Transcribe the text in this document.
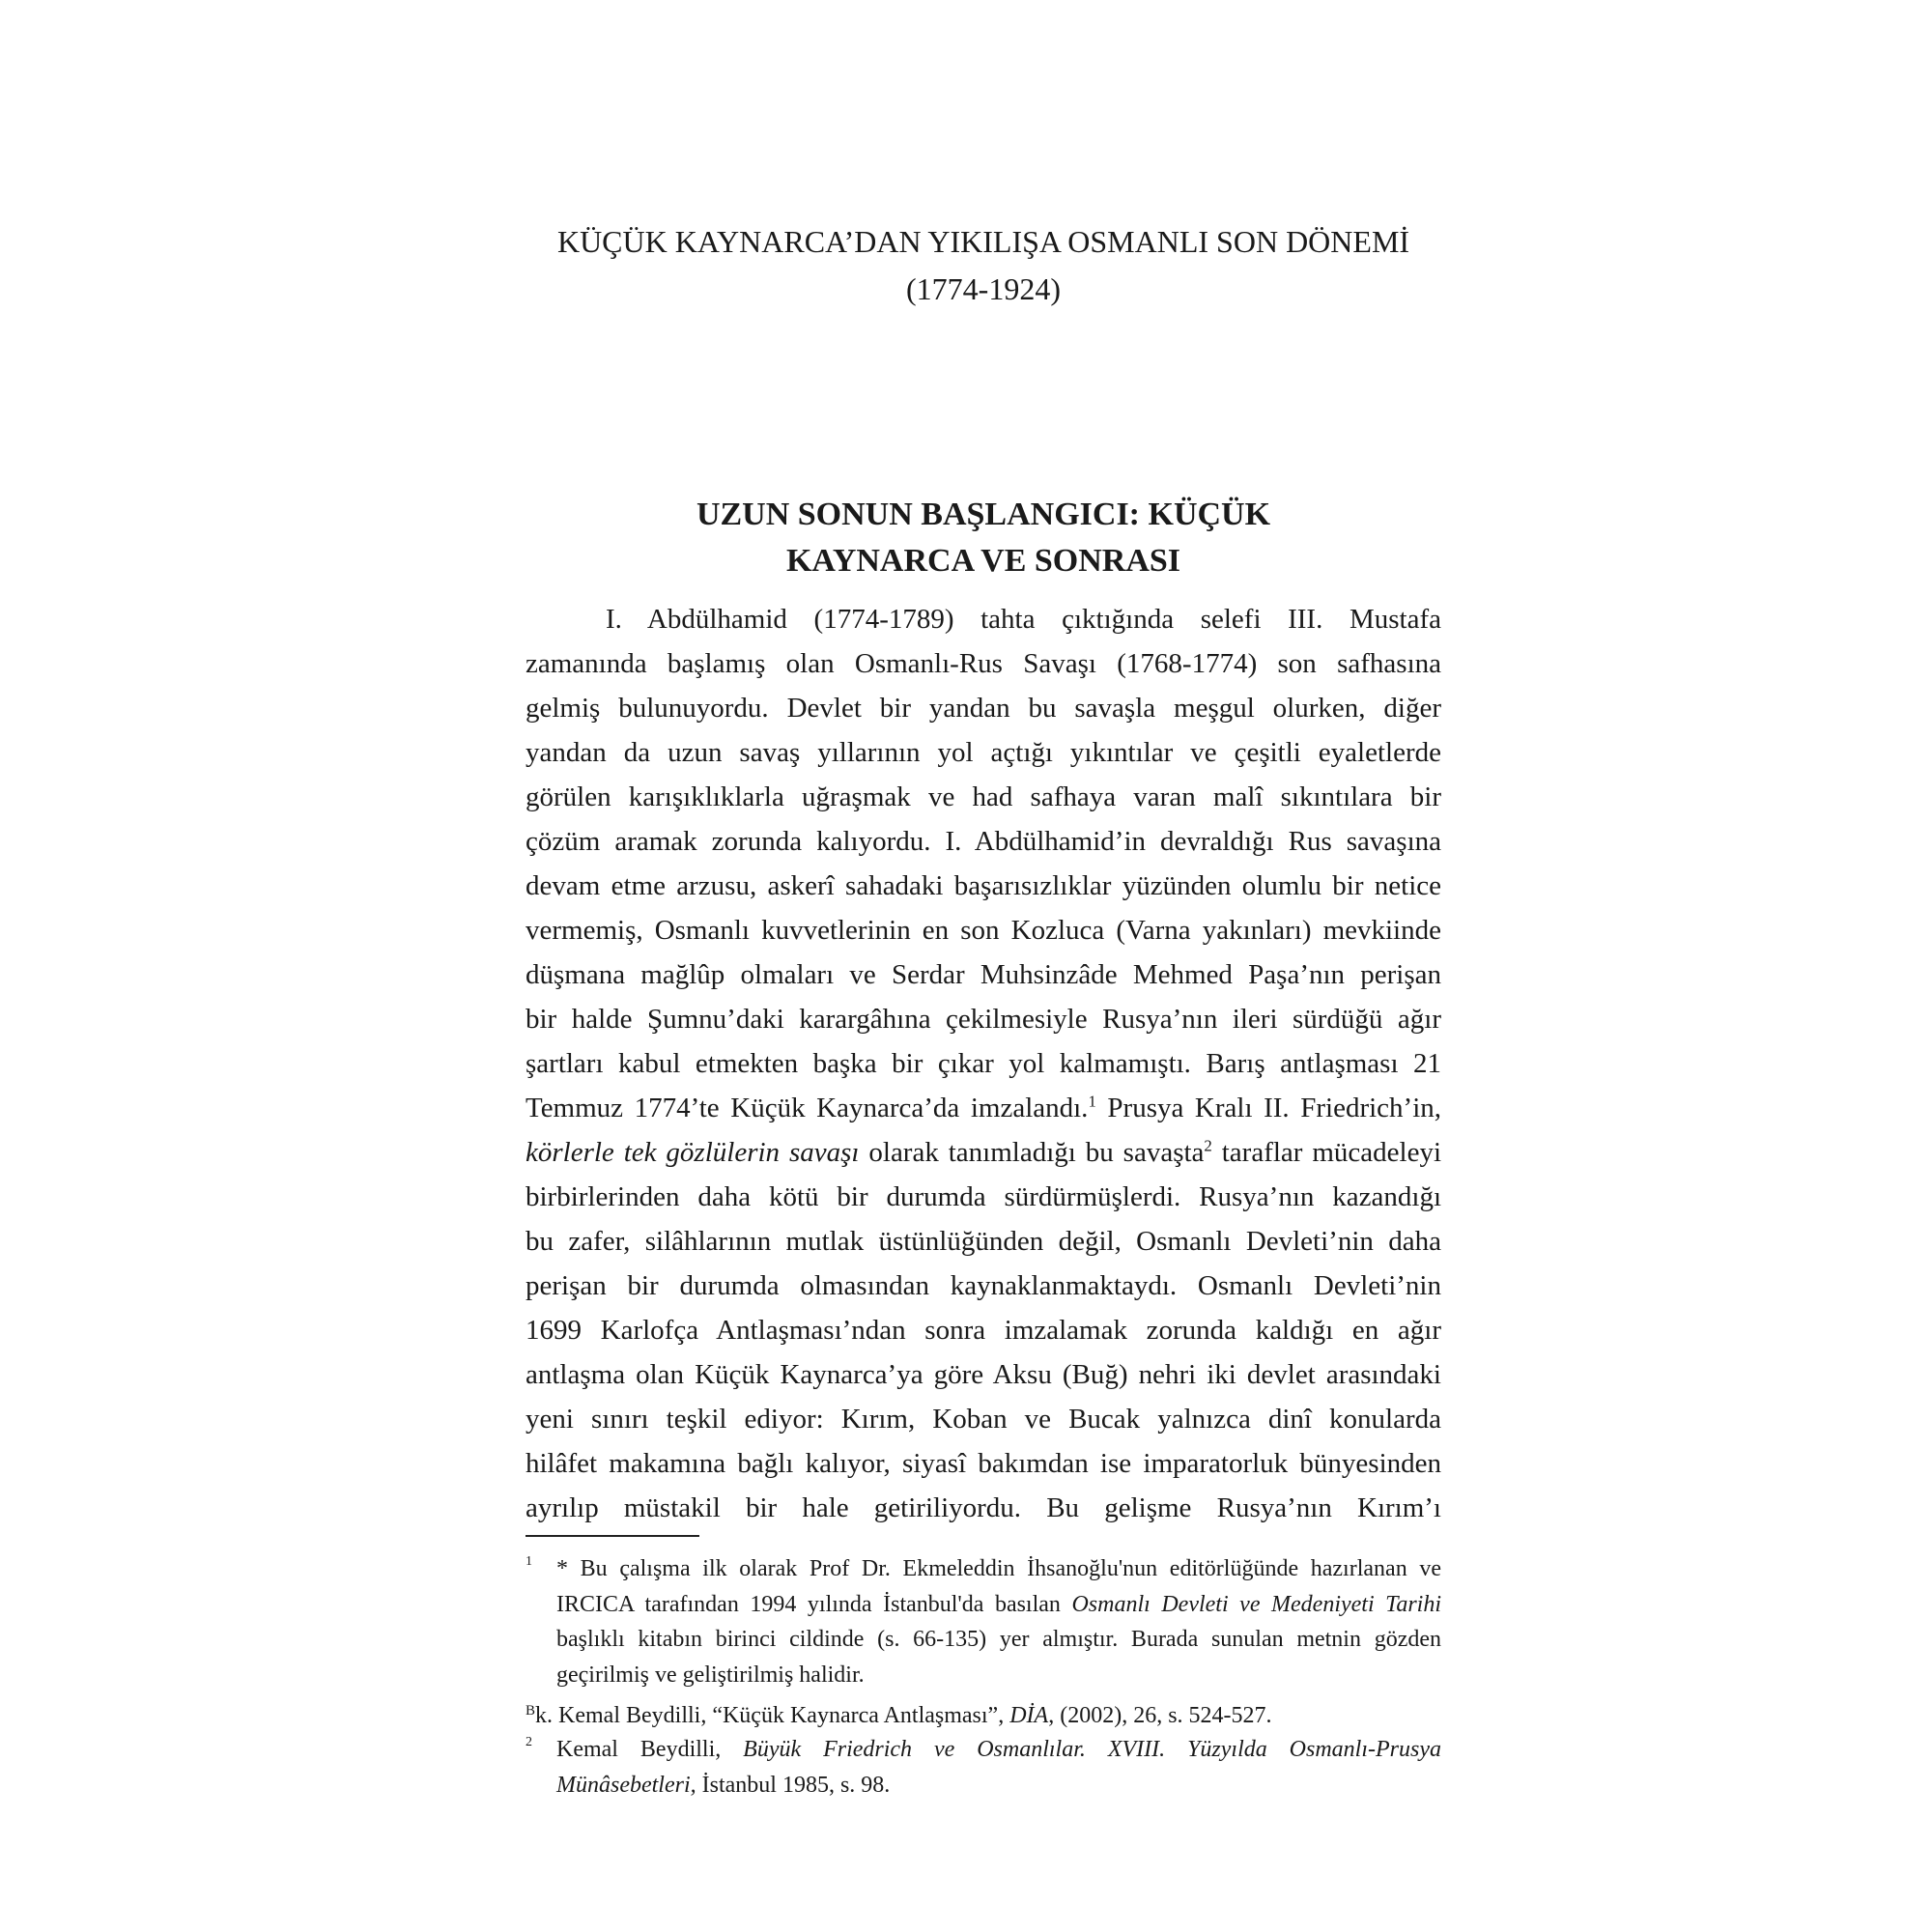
KÜÇÜK KAYNARCA’DAN YIKILIŞA OSMANLI SON DÖNEMİ
(1774-1924)
UZUN SONUN BAŞLANGICI: KÜÇÜK
KAYNARCA VE SONRASI
I. Abdülhamid (1774-1789) tahta çıktığında selefi III. Mustafa
zamanında başlamış olan Osmanlı-Rus Savaşı (1768-1774) son safhasına
gelmiş bulunuyordu. Devlet bir yandan bu savaşla meşgul olurken, diğer
yandan da uzun savaş yıllarının yol açtığı yıkıntılar ve çeşitli eyaletlerde
görülen karışıklıklarla uğraşmak ve had safhaya varan malî sıkıntılara bir
çözüm aramak zorunda kalıyordu. I. Abdülhamid’in devraldığı Rus savaşına
devam etme arzusu, askerî sahadaki başarısızlıklar yüzünden olumlu bir netice
vermemiş, Osmanlı kuvvetlerinin en son Kozluca (Varna yakınları) mevkiinde
düşmana mağlûp olmaları ve Serdar Muhsinzâde Mehmed Paşa’nın perişan
bir halde Şumnu’daki karargâhına çekilmesiyle Rusya’nın ileri sürdüğü ağır
şartları kabul etmekten başka bir çıkar yol kalmamıştı. Barış antlaşması 21
Temmuz 1774’te Küçük Kaynarca’da imzalandı.$^1$ Prusya Kralı II. Friedrich’in,
körlerle tek gözlülerin savaşı olarak tanımladığı bu savaşta$^2$ taraflar mücadeleyi
birbirlerinden daha kötü bir durumda sürdürmüşlerdi. Rusya’nın kazandığı
bu zafer, silâhlarının mutlak üstünlüğünden değil, Osmanlı Devleti’nin daha
perişan bir durumda olmasından kaynaklanmaktaydı. Osmanlı Devleti’nin
1699 Karlofça Antlaşması’ndan sonra imzalamak zorunda kaldığı en ağır
antlaşma olan Küçük Kaynarca’ya göre Aksu (Buğ) nehri iki devlet arasındaki
yeni sınırı teşkil ediyor: Kırım, Koban ve Bucak yalnızca dinî konularda
hilâfet makamına bağlı kalıyor, siyasî bakımdan ise imparatorluk bünyesinden
ayrılıp müstakil bir hale getiriliyordu. Bu gelişme Rusya’nın Kırım’ı
1 * Bu çalışma ilk olarak Prof Dr. Ekmeleddin İhsanoğlu'nun editörlüğünde hazırlanan ve
IRCICA tarafından 1994 yılında İstanbul'da basılan Osmanlı Devleti ve Medeniyeti Tarihi
başlıklı kitabın birinci cildinde (s. 66-135) yer almıştır. Burada sunulan metnin gözden
geçirilmiş ve geliştirilmiş halidir.
$^B$k. Kemal Beydilli, “Küçük Kaynarca Antlaşması”, DİA, (2002), 26, s. 524-527.
2 Kemal Beydilli, Büyük Friedrich ve Osmanlılar. XVIII. Yüzyılda Osmanlı-Prusya
Münâsebetleri, İstanbul 1985, s. 98.
